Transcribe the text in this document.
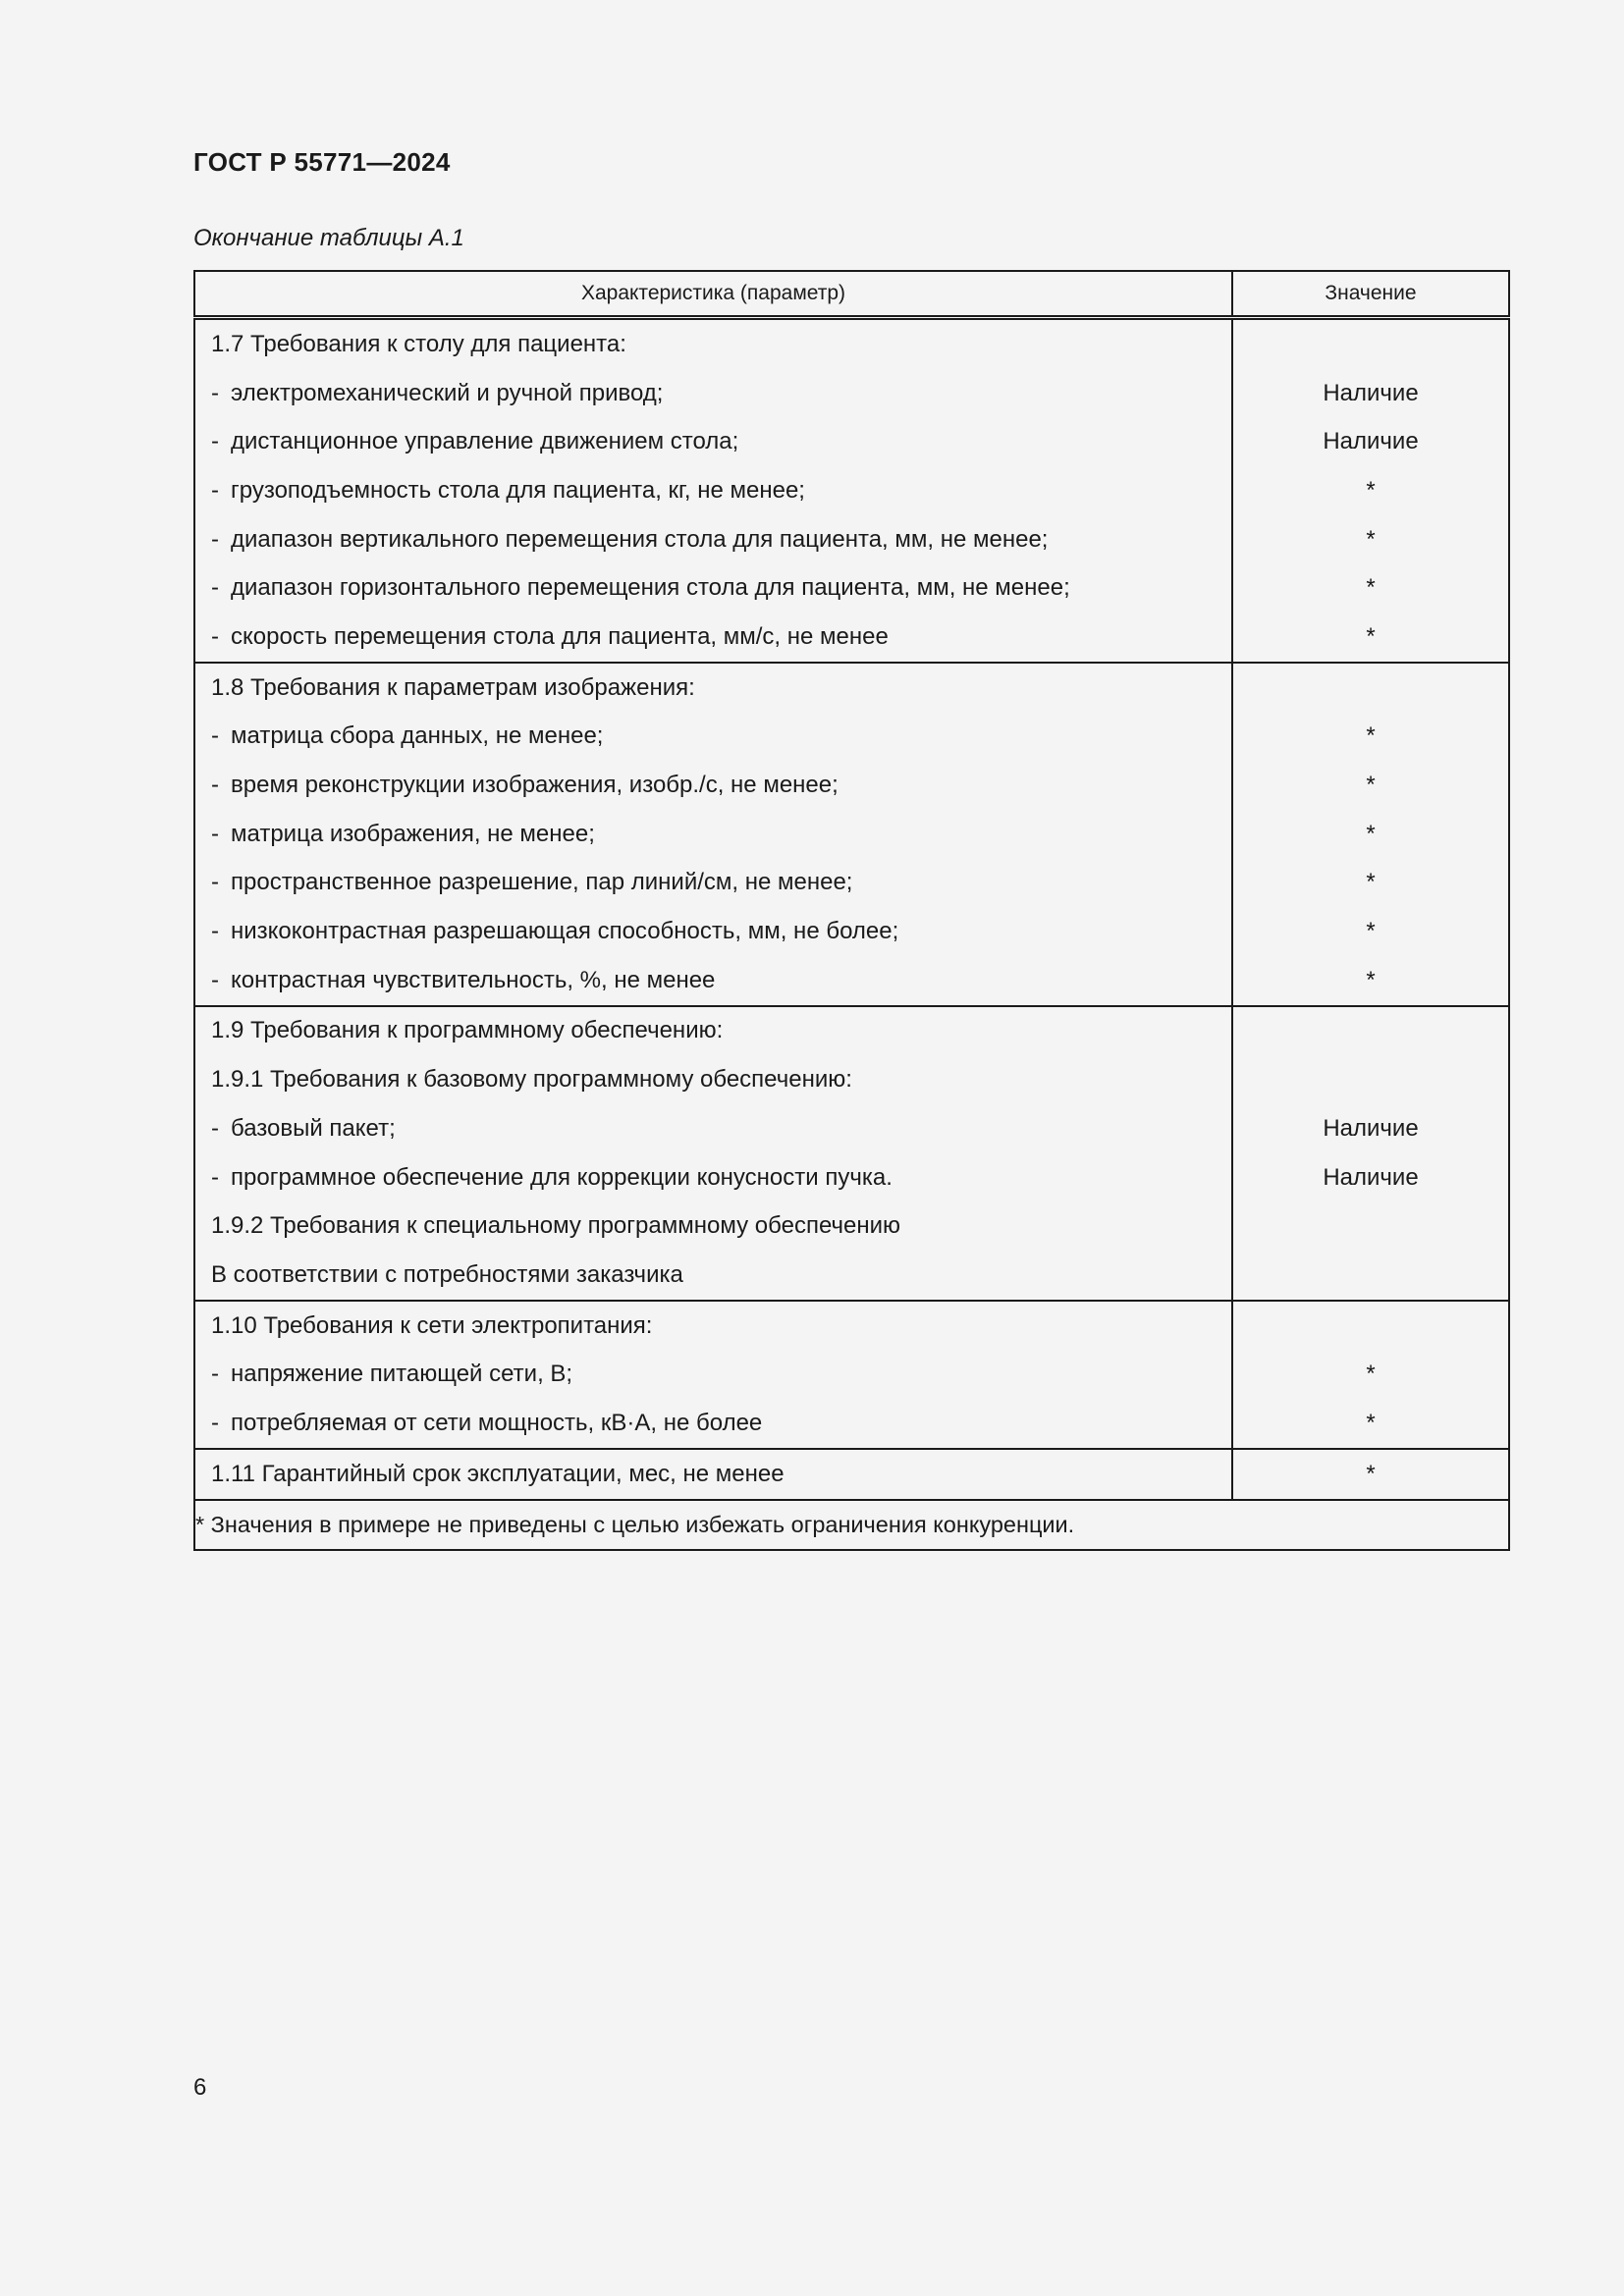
ГОСТ Р 55771—2024
Окончание таблицы А.1
Характеристика (параметр)	Значение
1.7 Требования к столу для пациента:	
- электромеханический и ручной привод;	Наличие
- дистанционное управление движением стола;	Наличие
- грузоподъемность стола для пациента, кг, не менее;	*
- диапазон вертикального перемещения стола для пациента, мм, не менее;	*
- диапазон горизонтального перемещения стола для пациента, мм, не менее;	*
- скорость перемещения стола для пациента, мм/с, не менее	*
1.8 Требования к параметрам изображения:	
- матрица сбора данных, не менее;	*
- время реконструкции изображения, изобр./с, не менее;	*
- матрица изображения, не менее;	*
- пространственное разрешение, пар линий/см, не менее;	*
- низкоконтрастная разрешающая способность, мм, не более;	*
- контрастная чувствительность, %, не менее	*
1.9 Требования к программному обеспечению:	
1.9.1 Требования к базовому программному обеспечению:	
- базовый пакет;	Наличие
- программное обеспечение для коррекции конусности пучка.	Наличие
1.9.2 Требования к специальному программному обеспечению	
В соответствии с потребностями заказчика	
1.10 Требования к сети электропитания:	
- напряжение питающей сети, В;	*
- потребляемая от сети мощность, кВ·А, не более	*
1.11 Гарантийный срок эксплуатации, мес, не менее	*
* Значения в примере не приведены с целью избежать ограничения конкуренции.	
6
